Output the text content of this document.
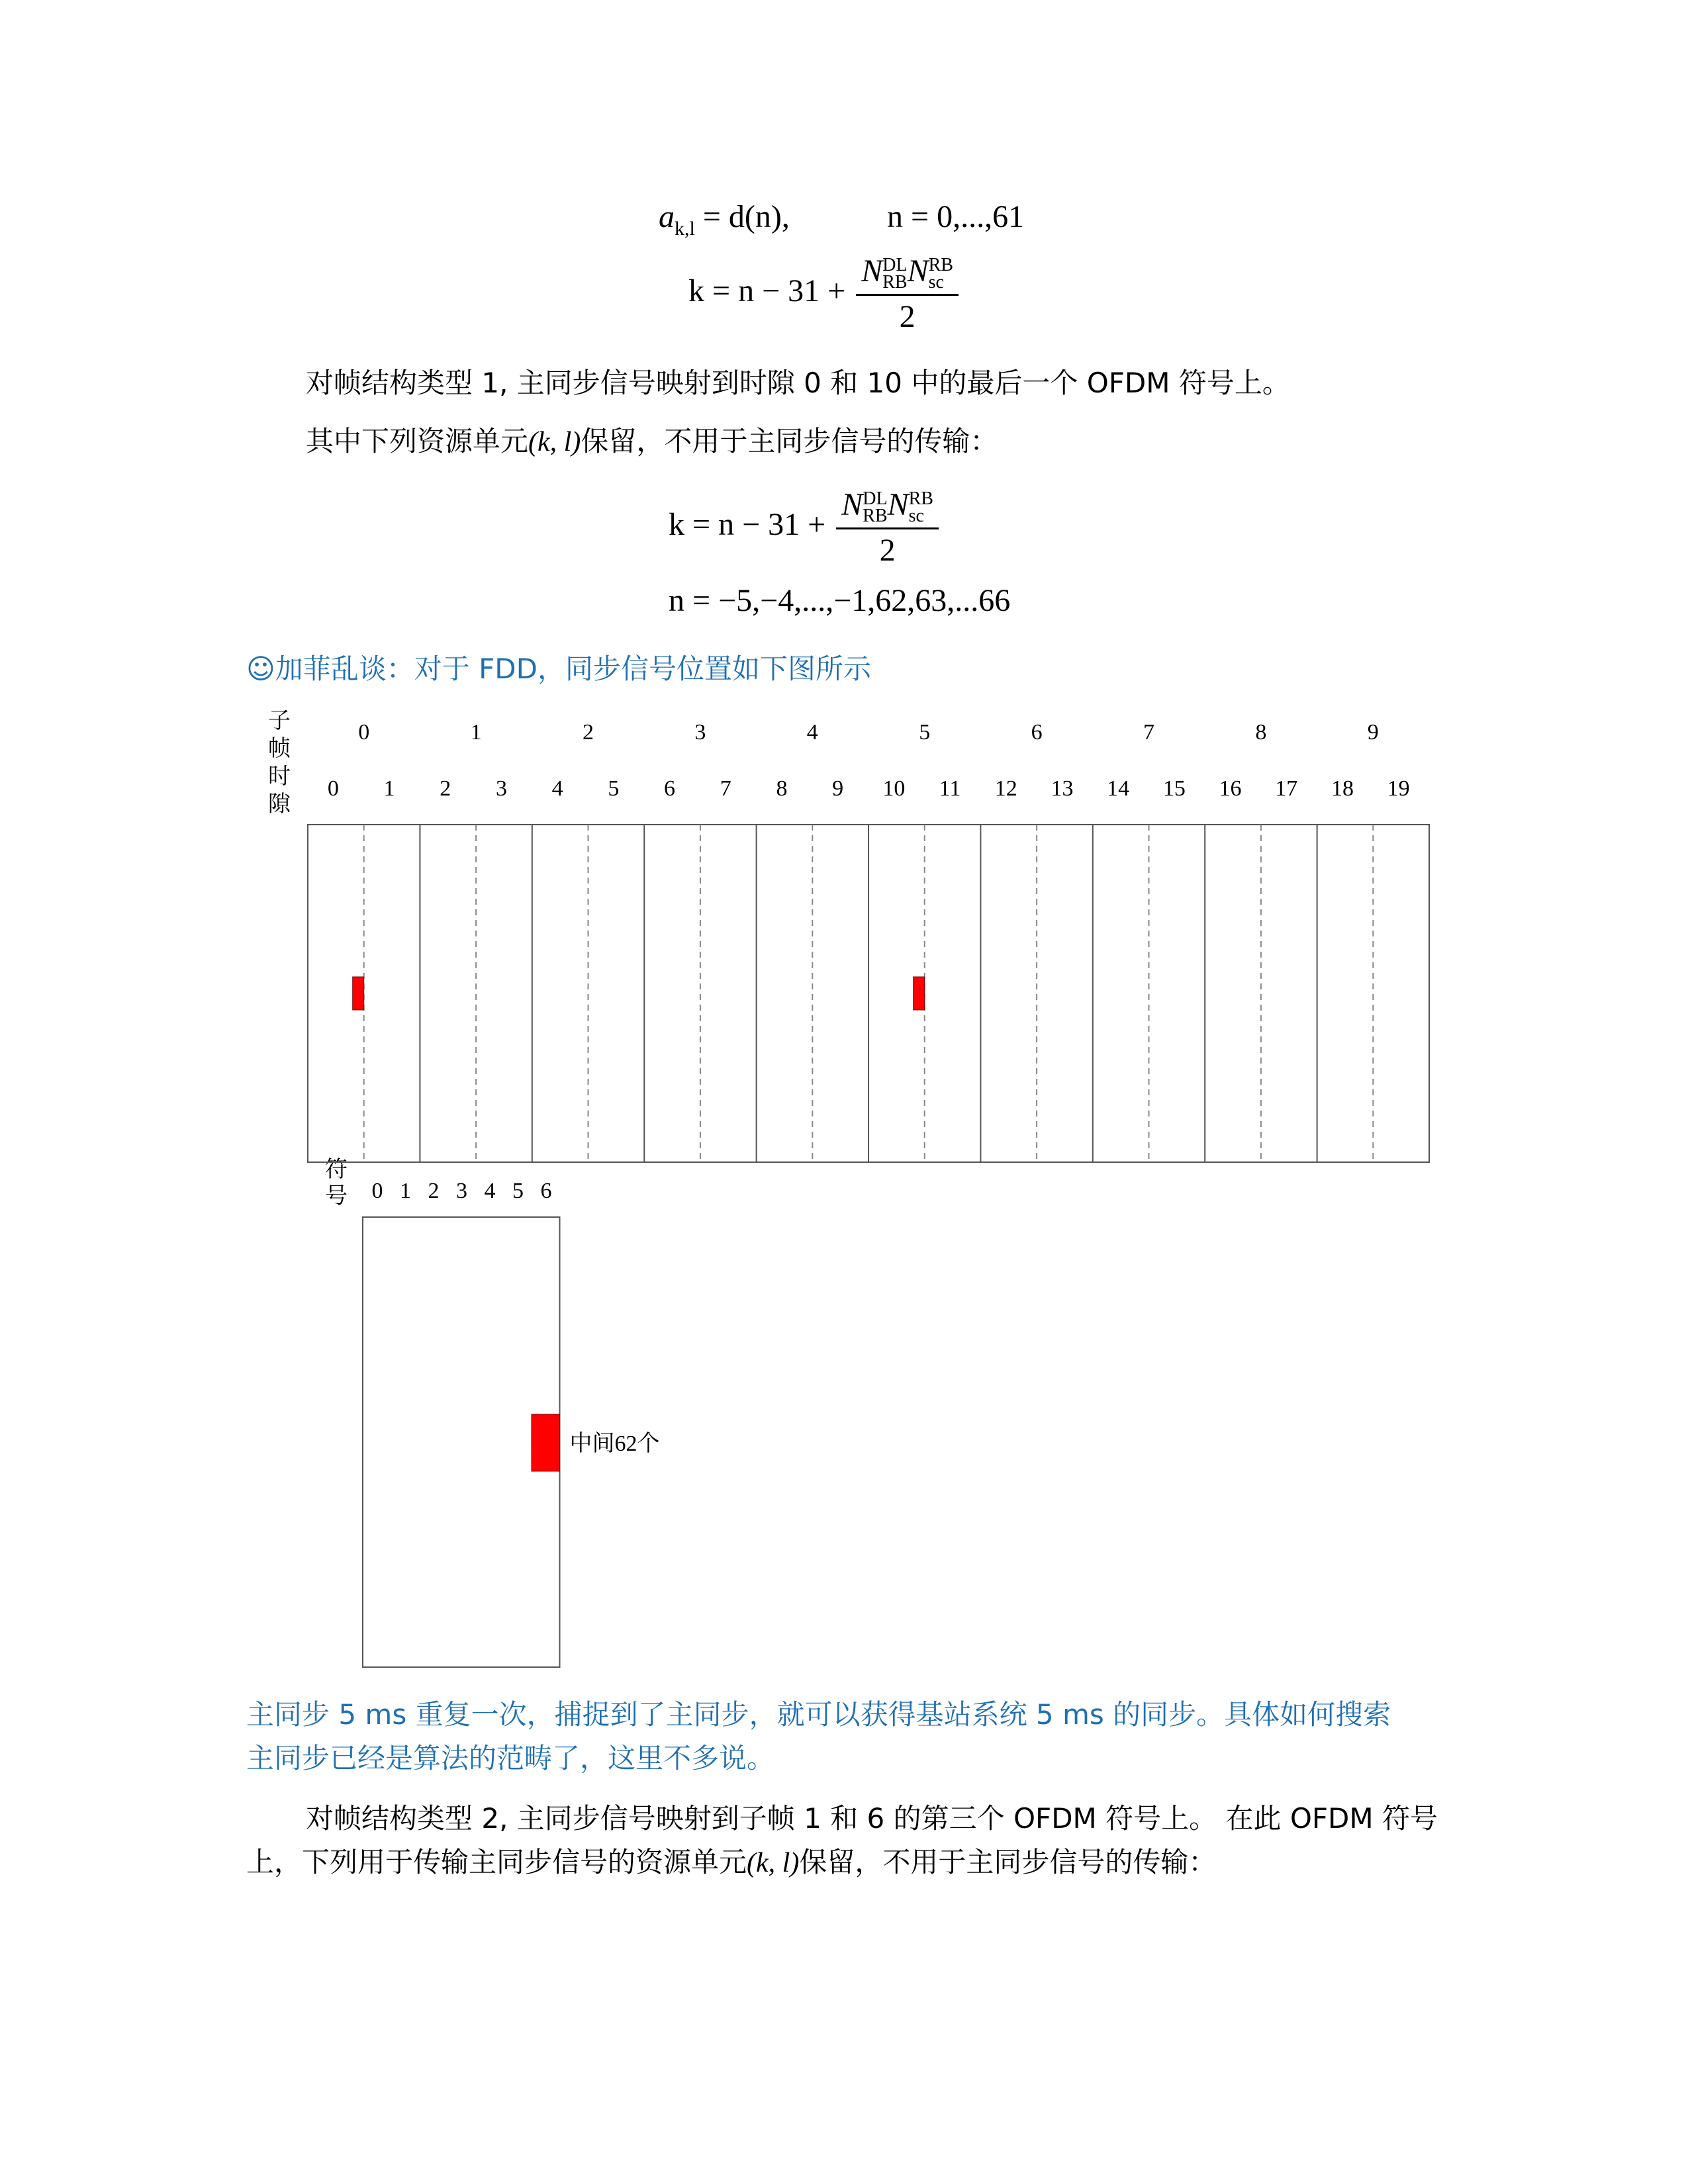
$a_{k,l} = d(n)$,	n = 0,...,61
k = n − 31 +
NDL
RBNRB
sc
2
对帧结构类型 1, 主同步信号映射到时隙 0 和 10 中的最后一个 OFDM 符号上。
其中下列资源单元(k, l)保留，不用于主同步信号的传输：
k = n − 31 +
NDL
RBNRB
sc
2
n = −5,−4,...,−1,62,63,...66
☺加菲乱谈：对于 FDD，同步信号位置如下图所示
子
帧
时
隙
0	1	2	3	4	5	6	7	8	9
0 1 2 3 4 5 6 7 8 9 10 11 12 13 14 15 16 17 18 19
符
号 0 1 2 3 4 5 6
中间62个
主同步 5 ms 重复一次，捕捉到了主同步，就可以获得基站系统 5 ms 的同步。具体如何搜索
主同步已经是算法的范畴了，这里不多说。
对帧结构类型 2, 主同步信号映射到子帧 1 和 6 的第三个 OFDM 符号上。 在此 OFDM 符号
上，下列用于传输主同步信号的资源单元(k, l)保留，不用于主同步信号的传输：
